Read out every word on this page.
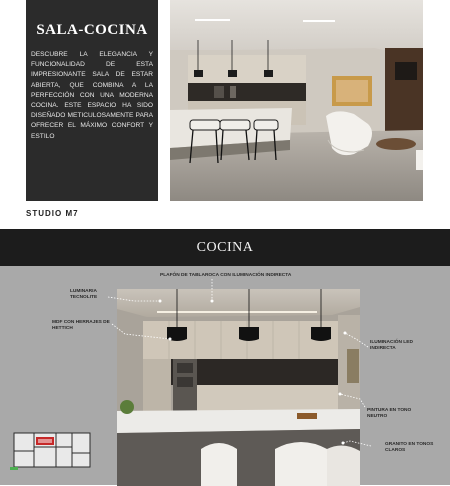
SALA-COCINA
DESCUBRE LA ELEGANCIA Y FUNCIONALIDAD DE ESTA IMPRESIONANTE SALA DE ESTAR ABIERTA, QUE COMBINA A LA PERFECCIÓN CON UNA MODERNA COCINA. ESTE ESPACIO HA SIDO DISEÑADO METICULOSAMENTE PARA OFRECER EL MÁXIMO CONFORT Y ESTILO
STUDIO M7
COCINA
PLAFÓN DE TABLAROCA CON ILUMINACIÓN INDIRECTA
LUMINARIA TECNOLITE
MDF CON HERRAJES DE HETTICH
ILUMINACIÓN LED INDIRECTA
PINTURA EN TONO NEUTRO
GRANITO EN TONOS CLAROS
